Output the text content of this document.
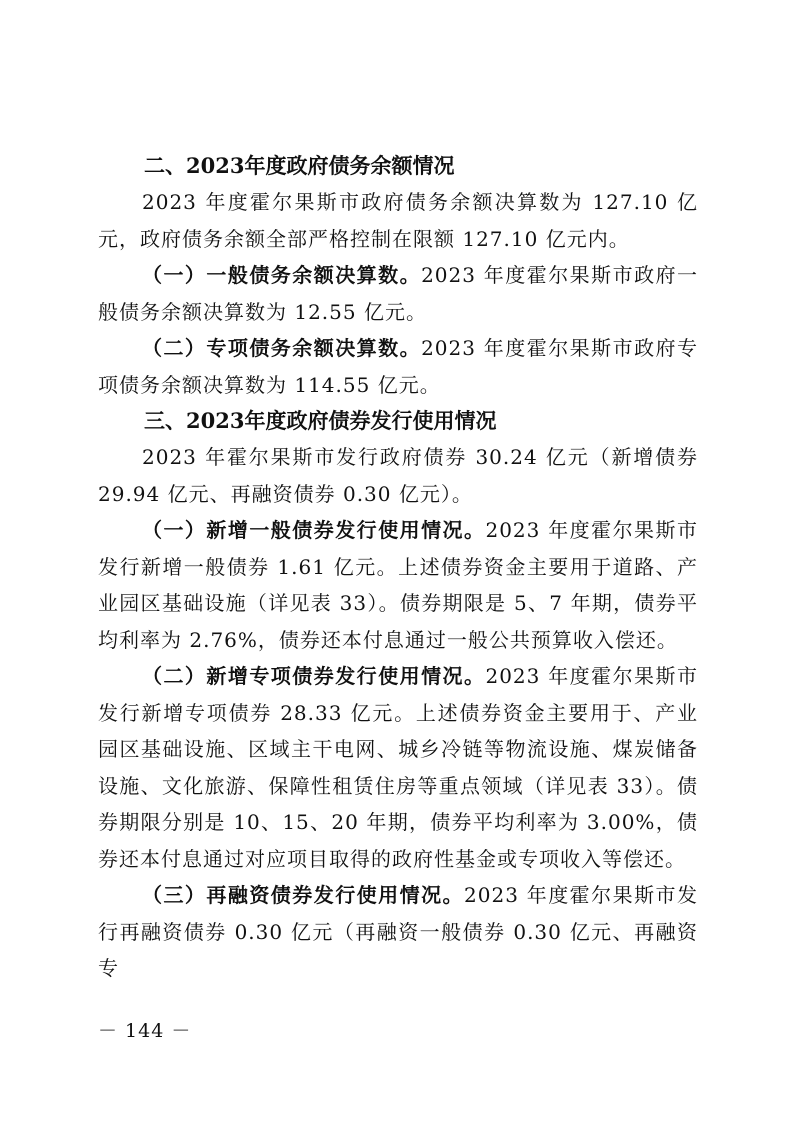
二、2023年度政府债务余额情况

2023 年度霍尔果斯市政府债务余额决算数为 127.10 亿元，政府债务余额全部严格控制在限额 127.10 亿元内。

（一）一般债务余额决算数。2023 年度霍尔果斯市政府一般债务余额决算数为 12.55 亿元。

（二）专项债务余额决算数。2023 年度霍尔果斯市政府专项债务余额决算数为 114.55 亿元。

三、2023年度政府债券发行使用情况

2023 年霍尔果斯市发行政府债券 30.24 亿元（新增债券 29.94 亿元、再融资债券 0.30 亿元）。

（一）新增一般债券发行使用情况。2023 年度霍尔果斯市发行新增一般债券 1.61 亿元。上述债券资金主要用于道路、产业园区基础设施（详见表 33）。债券期限是 5、7 年期，债券平均利率为 2.76%，债券还本付息通过一般公共预算收入偿还。

（二）新增专项债券发行使用情况。2023 年度霍尔果斯市发行新增专项债券 28.33 亿元。上述债券资金主要用于、产业园区基础设施、区域主干电网、城乡冷链等物流设施、煤炭储备设施、文化旅游、保障性租赁住房等重点领域（详见表 33）。债券期限分别是 10、15、20 年期，债券平均利率为 3.00%，债券还本付息通过对应项目取得的政府性基金或专项收入等偿还。

（三）再融资债券发行使用情况。2023 年度霍尔果斯市发行再融资债券 0.30 亿元（再融资一般债券 0.30 亿元、再融资专

－ 144 －
